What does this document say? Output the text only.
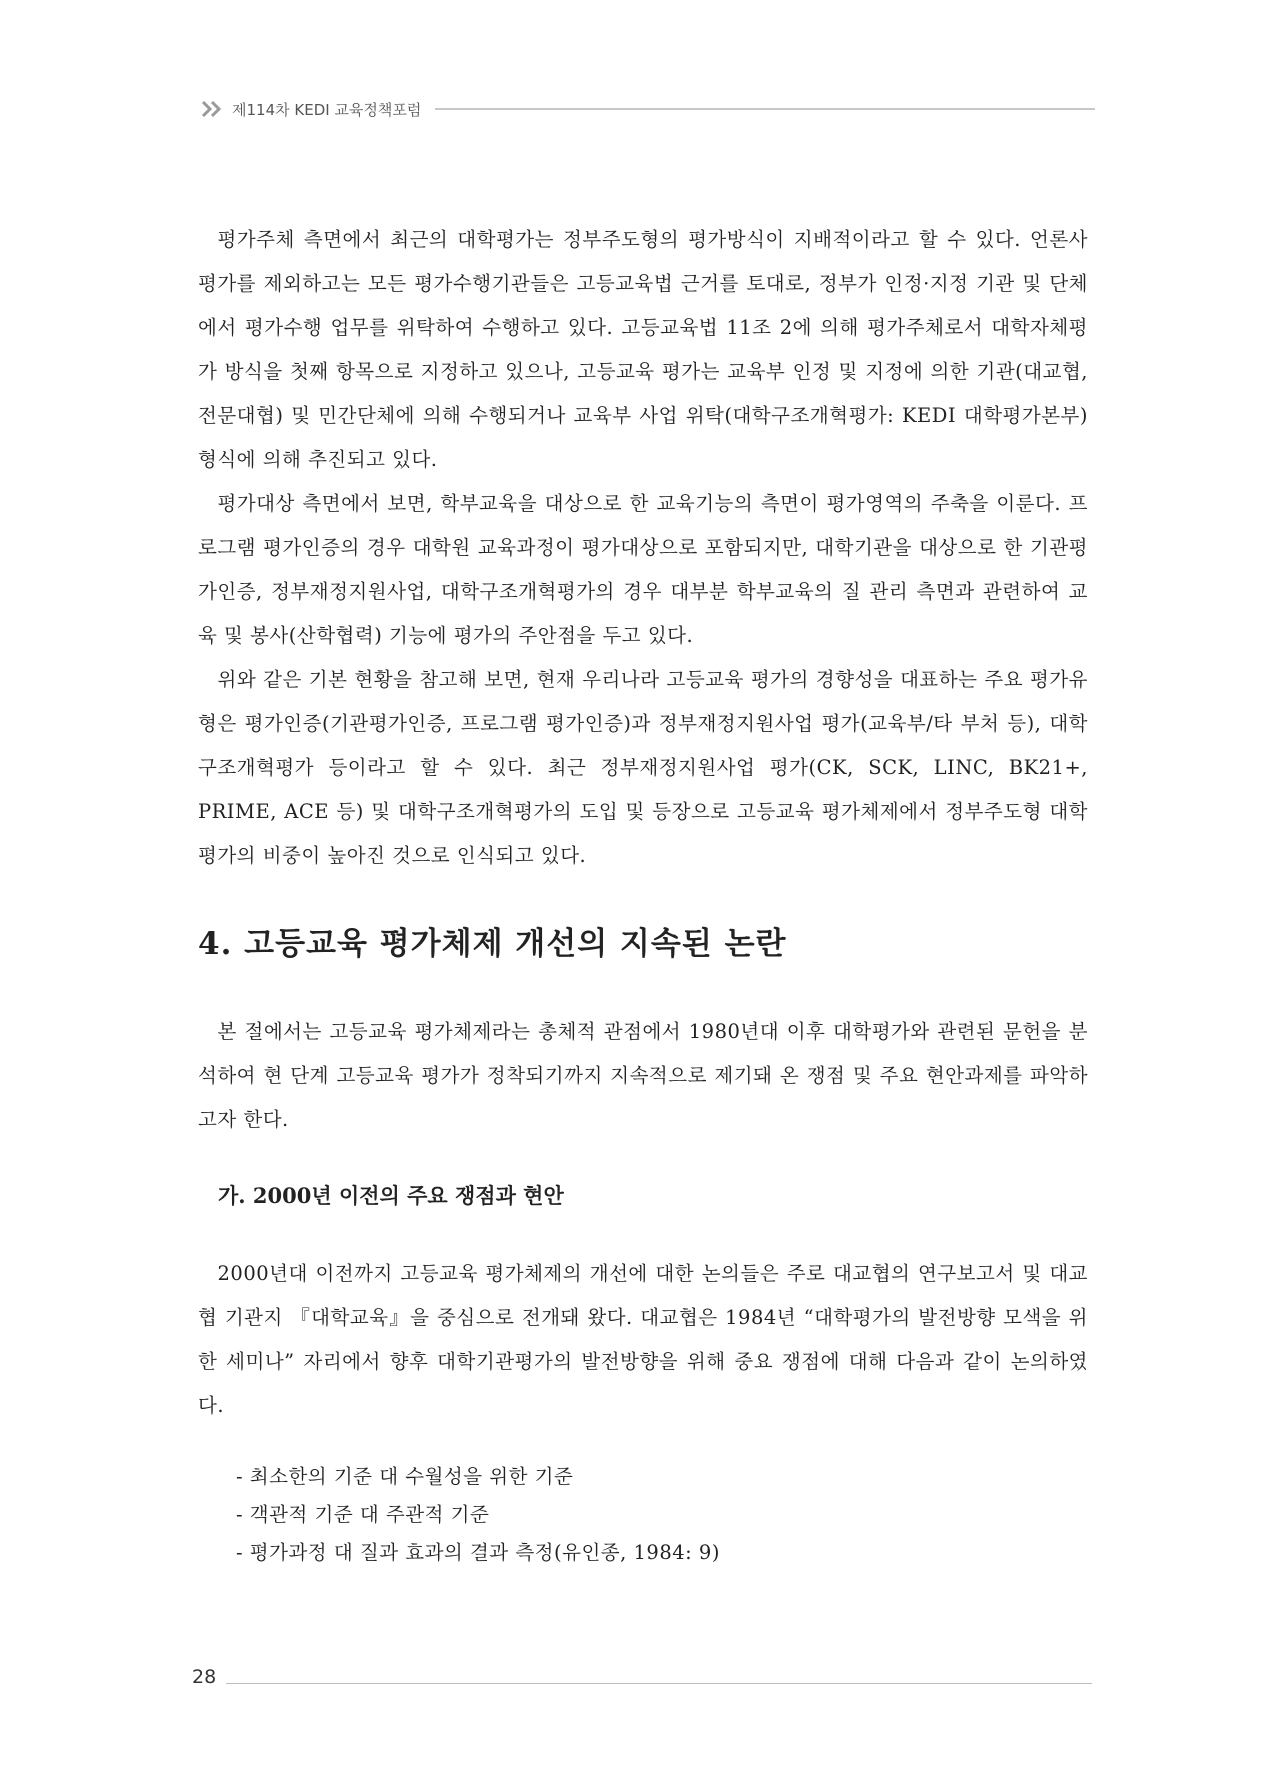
제114차 KEDI 교육정책포럼

평가주체 측면에서 최근의 대학평가는 정부주도형의 평가방식이 지배적이라고 할 수 있다. 언론사 평가를 제외하고는 모든 평가수행기관들은 고등교육법 근거를 토대로, 정부가 인정·지정 기관 및 단체에서 평가수행 업무를 위탁하여 수행하고 있다. 고등교육법 11조 2에 의해 평가주체로서 대학자체평가 방식을 첫째 항목으로 지정하고 있으나, 고등교육 평가는 교육부 인정 및 지정에 의한 기관(대교협, 전문대협) 및 민간단체에 의해 수행되거나 교육부 사업 위탁(대학구조개혁평가: KEDI 대학평가본부) 형식에 의해 추진되고 있다.

평가대상 측면에서 보면, 학부교육을 대상으로 한 교육기능의 측면이 평가영역의 주축을 이룬다. 프로그램 평가인증의 경우 대학원 교육과정이 평가대상으로 포함되지만, 대학기관을 대상으로 한 기관평가인증, 정부재정지원사업, 대학구조개혁평가의 경우 대부분 학부교육의 질 관리 측면과 관련하여 교육 및 봉사(산학협력) 기능에 평가의 주안점을 두고 있다.

위와 같은 기본 현황을 참고해 보면, 현재 우리나라 고등교육 평가의 경향성을 대표하는 주요 평가유형은 평가인증(기관평가인증, 프로그램 평가인증)과 정부재정지원사업 평가(교육부/타 부처 등), 대학구조개혁평가 등이라고 할 수 있다. 최근 정부재정지원사업 평가(CK, SCK, LINC, BK21+, PRIME, ACE 등) 및 대학구조개혁평가의 도입 및 등장으로 고등교육 평가체제에서 정부주도형 대학평가의 비중이 높아진 것으로 인식되고 있다.

4. 고등교육 평가체제 개선의 지속된 논란

본 절에서는 고등교육 평가체제라는 총체적 관점에서 1980년대 이후 대학평가와 관련된 문헌을 분석하여 현 단계 고등교육 평가가 정착되기까지 지속적으로 제기돼 온 쟁점 및 주요 현안과제를 파악하고자 한다.

가. 2000년 이전의 주요 쟁점과 현안

2000년대 이전까지 고등교육 평가체제의 개선에 대한 논의들은 주로 대교협의 연구보고서 및 대교협 기관지 『대학교육』을 중심으로 전개돼 왔다. 대교협은 1984년 “대학평가의 발전방향 모색을 위한 세미나” 자리에서 향후 대학기관평가의 발전방향을 위해 중요 쟁점에 대해 다음과 같이 논의하였다.

- 최소한의 기준 대 수월성을 위한 기준
- 객관적 기준 대 주관적 기준
- 평가과정 대 질과 효과의 결과 측정(유인종, 1984: 9)
28
